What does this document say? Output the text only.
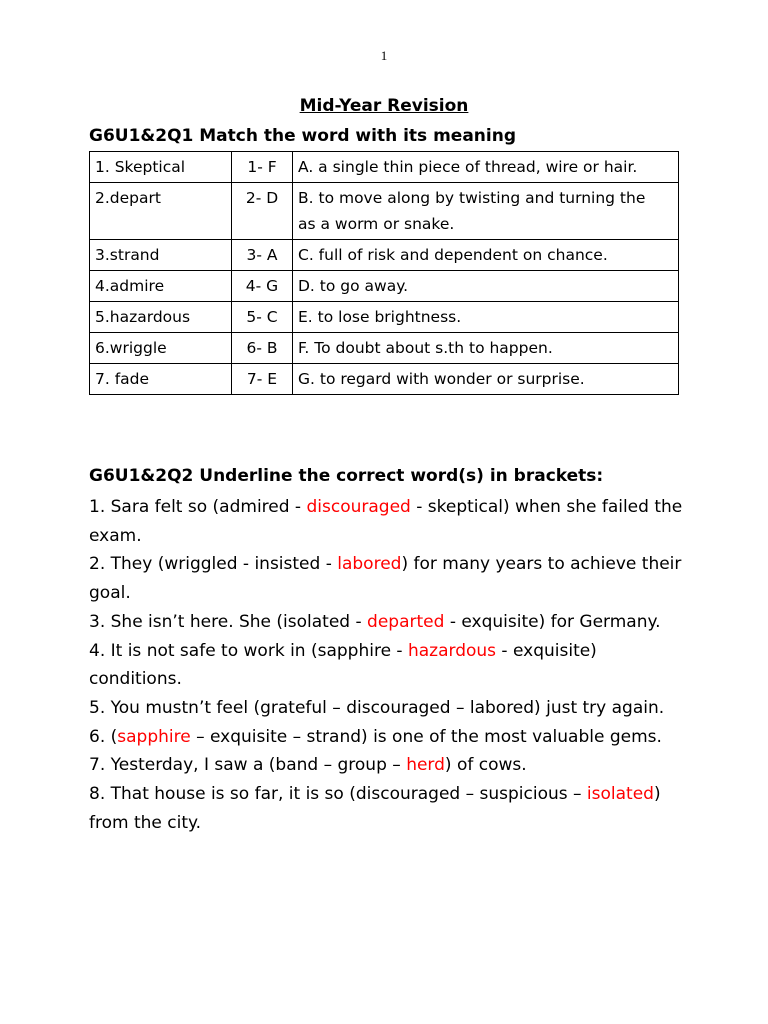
1
Mid-Year Revision
G6U1&2Q1 Match the word with its meaning
1. Skeptical	1- F	A. a single thin piece of thread, wire or hair.
2.depart	2- D	B. to move along by twisting and turning the
as a worm or snake.

3.strand	3- A	C. full of risk and dependent on chance.
4.admire	4- G	D. to go away.
5.hazardous	5- C	E. to lose brightness.
6.wriggle	6- B	F. To doubt about s.th to happen.
7. fade	7- E	G. to regard with wonder or surprise.
G6U1&2Q2 Underline the correct word(s) in brackets:

1. Sara felt so (admired - discouraged - skeptical) when she failed the exam.

2. They (wriggled - insisted - labored) for many years to achieve their goal.

3. She isn’t here. She (isolated - departed - exquisite) for Germany.

4. It is not safe to work in (sapphire - hazardous - exquisite) conditions.

5. You mustn’t feel (grateful – discouraged – labored) just try again.

6. (sapphire – exquisite – strand) is one of the most valuable gems.

7. Yesterday, I saw a (band – group – herd) of cows.

8. That house is so far, it is so (discouraged – suspicious – isolated) from the city.
